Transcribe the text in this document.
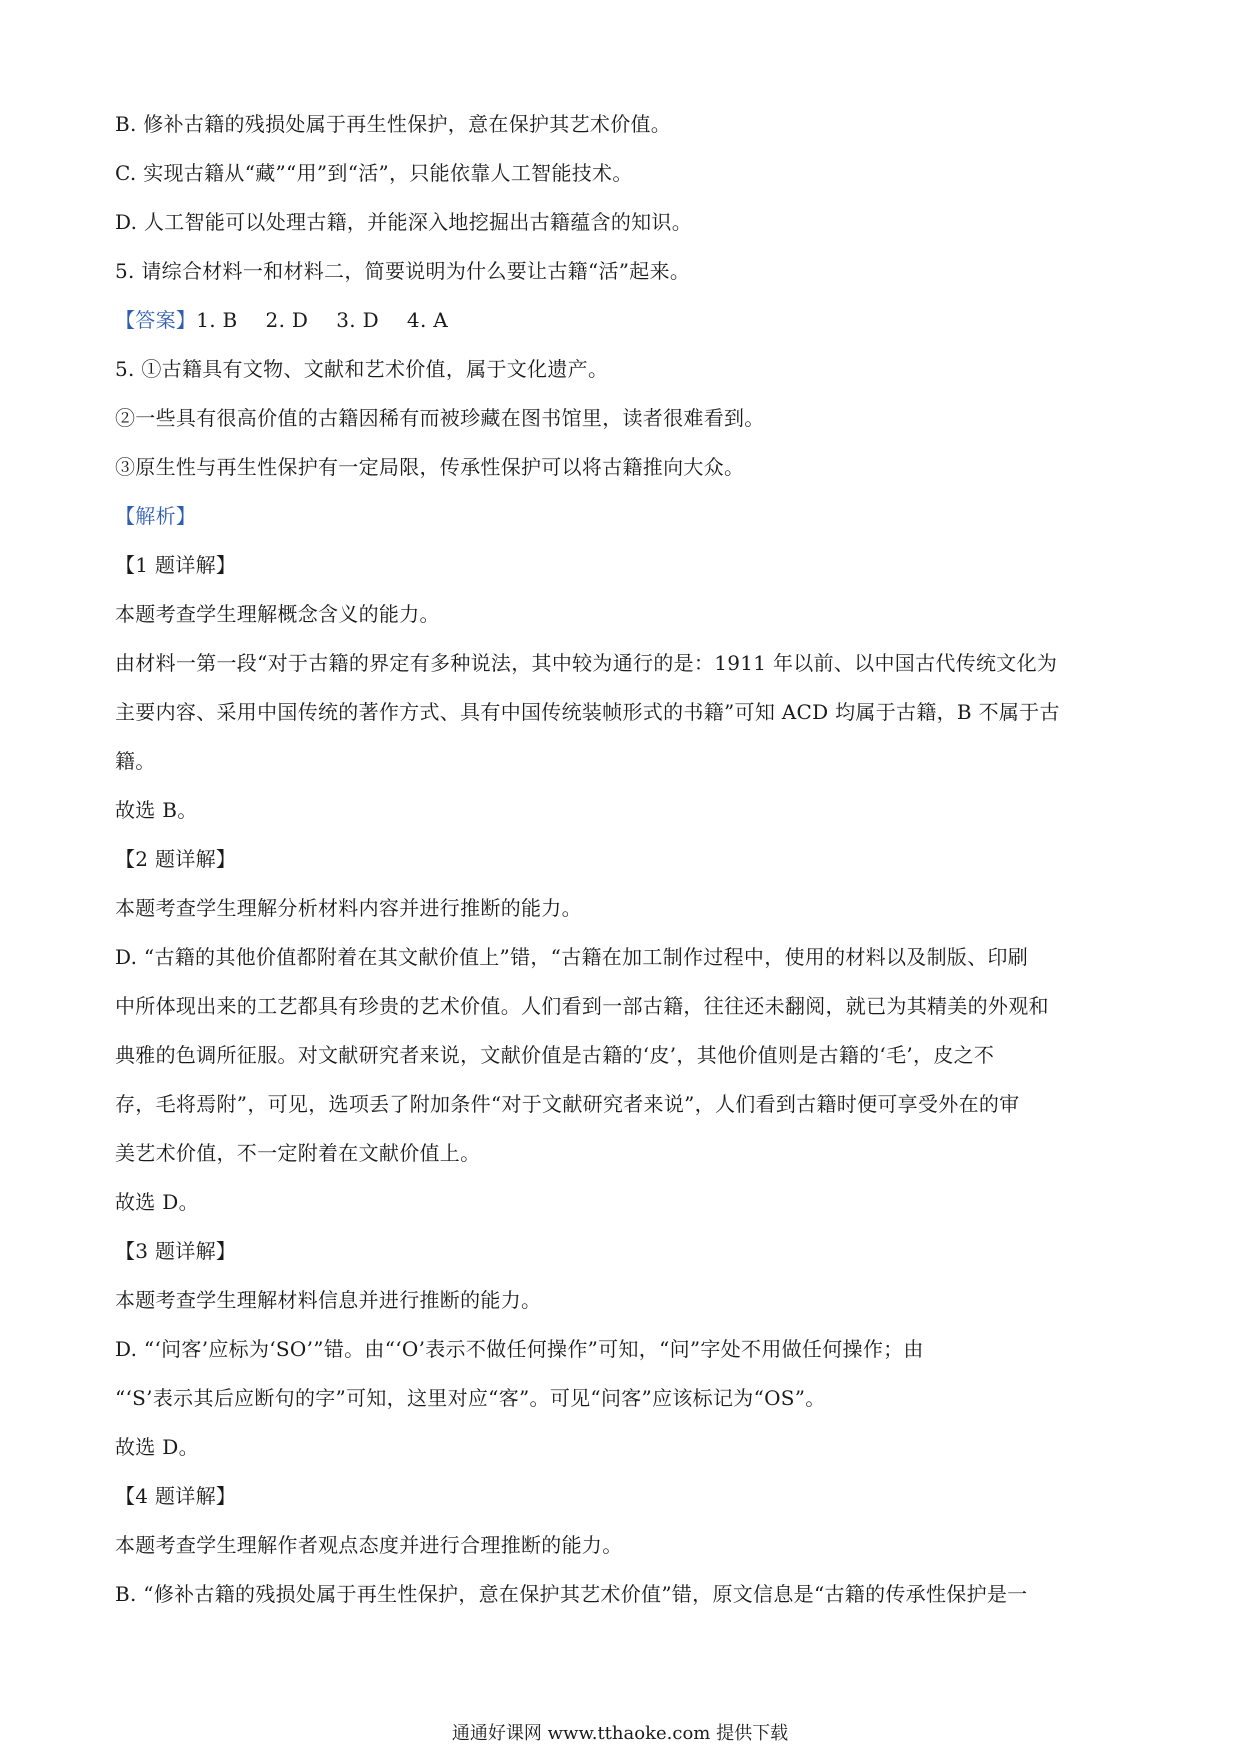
B. 修补古籍的残损处属于再生性保护，意在保护其艺术价值。
C. 实现古籍从“藏”“用”到“活”，只能依靠人工智能技术。
D. 人工智能可以处理古籍，并能深入地挖掘出古籍蕴含的知识。
5. 请综合材料一和材料二，简要说明为什么要让古籍“活”起来。
【答案】1. B 2. D 3. D 4. A
5. ①古籍具有文物、文献和艺术价值，属于文化遗产。
②一些具有很高价值的古籍因稀有而被珍藏在图书馆里，读者很难看到。
③原生性与再生性保护有一定局限，传承性保护可以将古籍推向大众。
【解析】
【1 题详解】
本题考查学生理解概念含义的能力。
由材料一第一段“对于古籍的界定有多种说法，其中较为通行的是：1911 年以前、以中国古代传统文化为
主要内容、采用中国传统的著作方式、具有中国传统装帧形式的书籍”可知 ACD 均属于古籍，B 不属于古
籍。
故选 B。
【2 题详解】
本题考查学生理解分析材料内容并进行推断的能力。
D. “古籍的其他价值都附着在其文献价值上”错，“古籍在加工制作过程中，使用的材料以及制版、印刷
中所体现出来的工艺都具有珍贵的艺术价值。人们看到一部古籍，往往还未翻阅，就已为其精美的外观和
典雅的色调所征服。对文献研究者来说，文献价值是古籍的‘皮’，其他价值则是古籍的‘毛’，皮之不
存，毛将焉附”，可见，选项丢了附加条件“对于文献研究者来说”，人们看到古籍时便可享受外在的审
美艺术价值，不一定附着在文献价值上。
故选 D。
【3 题详解】
本题考查学生理解材料信息并进行推断的能力。
D. “‘问客’应标为‘SO’”错。由“‘O’表示不做任何操作”可知，“问”字处不用做任何操作；由
“‘S’表示其后应断句的字”可知，这里对应“客”。可见“问客”应该标记为“OS”。
故选 D。
【4 题详解】
本题考查学生理解作者观点态度并进行合理推断的能力。
B. “修补古籍的残损处属于再生性保护，意在保护其艺术价值”错，原文信息是“古籍的传承性保护是一
通通好课网 www.tthaoke.com 提供下载
